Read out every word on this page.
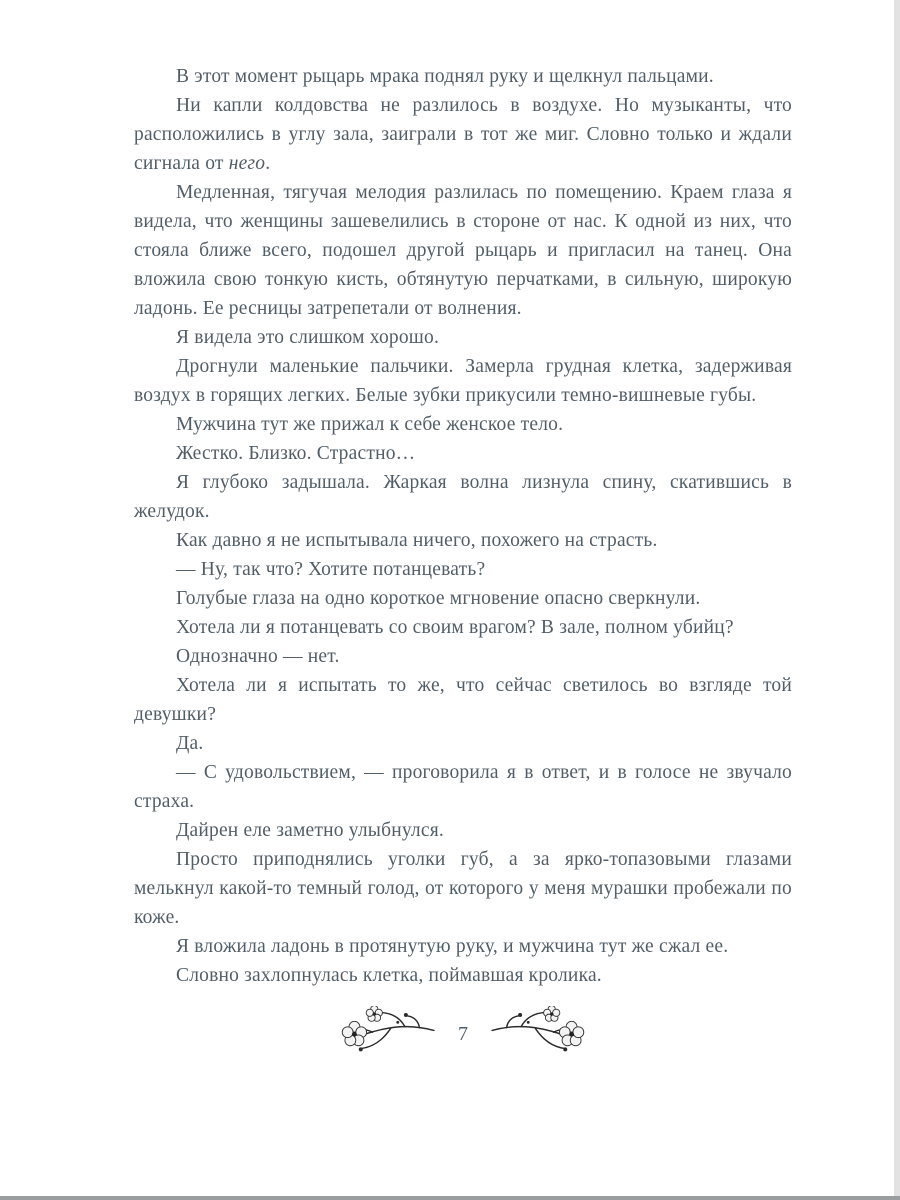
В этот момент рыцарь мрака поднял руку и щелкнул пальцами.

Ни капли колдовства не разлилось в воздухе. Но музыканты, что расположились в углу зала, заиграли в тот же миг. Словно только и ждали сигнала от него.

Медленная, тягучая мелодия разлилась по помещению. Краем глаза я видела, что женщины зашевелились в стороне от нас. К одной из них, что стояла ближе всего, подошел другой рыцарь и пригласил на танец. Она вложила свою тонкую кисть, обтянутую перчатками, в сильную, широкую ладонь. Ее ресницы затрепетали от волнения.

Я видела это слишком хорошо.

Дрогнули маленькие пальчики. Замерла грудная клетка, задерживая воздух в горящих легких. Белые зубки прикусили темно-вишневые губы.

Мужчина тут же прижал к себе женское тело.

Жестко. Близко. Страстно…

Я глубоко задышала. Жаркая волна лизнула спину, скатившись в желудок.

Как давно я не испытывала ничего, похожего на страсть.

— Ну, так что? Хотите потанцевать?

Голубые глаза на одно короткое мгновение опасно сверкнули.

Хотела ли я потанцевать со своим врагом? В зале, полном убийц?

Однозначно — нет.

Хотела ли я испытать то же, что сейчас светилось во взгляде той девушки?

Да.

— С удовольствием, — проговорила я в ответ, и в голосе не звучало страха.

Дайрен еле заметно улыбнулся.

Просто приподнялись уголки губ, а за ярко-топазовыми глазами мелькнул какой-то темный голод, от которого у меня мурашки пробежали по коже.

Я вложила ладонь в протянутую руку, и мужчина тут же сжал ее.

Словно захлопнулась клетка, поймавшая кролика.

7
